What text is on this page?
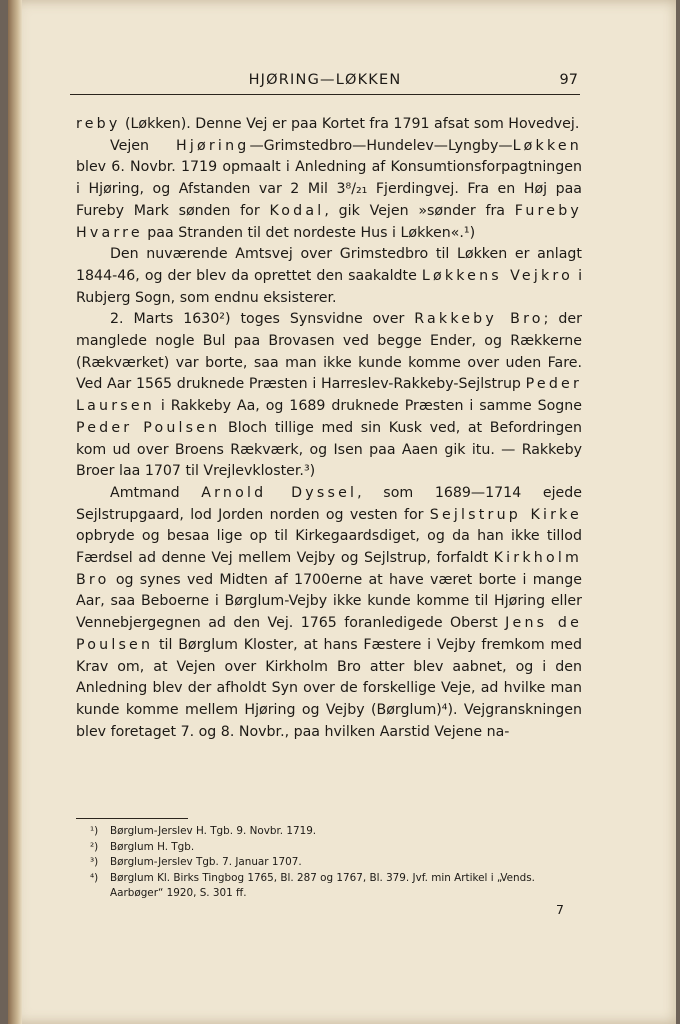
HJØRING—LØKKEN	97

reby (Løkken). Denne Vej er paa Kortet fra 1791 afsat som Hovedvej.

Vejen Hjøring—Grimstedbro—Hundelev—Lyngby—Løkken blev 6. Novbr. 1719 opmaalt i Anledning af Konsumtionsforpagtningen i Hjøring, og Afstanden var 2 Mil 3⁸/₂₁ Fjerdingvej. Fra en Høj paa Fureby Mark sønden for Kodal, gik Vejen »sønder fra Fureby Hvarre paa Stranden til det nordeste Hus i Løkken«.¹)

Den nuværende Amtsvej over Grimstedbro til Løkken er anlagt 1844-46, og der blev da oprettet den saakaldte Løkkens Vejkro i Rubjerg Sogn, som endnu eksisterer.

2. Marts 1630²) toges Synsvidne over Rakkeby Bro; der manglede nogle Bul paa Brovasen ved begge Ender, og Rækkerne (Rækværket) var borte, saa man ikke kunde komme over uden Fare. Ved Aar 1565 druknede Præsten i Harreslev-Rakkeby-Sejlstrup Peder Laursen i Rakkeby Aa, og 1689 druknede Præsten i samme Sogne Peder Poulsen Bloch tillige med sin Kusk ved, at Befordringen kom ud over Broens Rækværk, og Isen paa Aaen gik itu. — Rakkeby Broer laa 1707 til Vrejlevkloster.³)

Amtmand Arnold Dyssel, som 1689—1714 ejede Sejlstrupgaard, lod Jorden norden og vesten for Sejlstrup Kirke opbryde og besaa lige op til Kirkegaardsdiget, og da han ikke tillod Færdsel ad denne Vej mellem Vejby og Sejlstrup, forfaldt Kirkholm Bro og synes ved Midten af 1700erne at have været borte i mange Aar, saa Beboerne i Børglum-Vejby ikke kunde komme til Hjøring eller Vennebjergegnen ad den Vej. 1765 foranledigede Oberst Jens de Poulsen til Børglum Kloster, at hans Fæstere i Vejby fremkom med Krav om, at Vejen over Kirkholm Bro atter blev aabnet, og i den Anledning blev der afholdt Syn over de forskellige Veje, ad hvilke man kunde komme mellem Hjøring og Vejby (Børglum)⁴). Vejgranskningen blev foretaget 7. og 8. Novbr., paa hvilken Aarstid Vejene na-

¹) Børglum-Jerslev H. Tgb. 9. Novbr. 1719.
²) Børglum H. Tgb.
³) Børglum-Jerslev Tgb. 7. Januar 1707.
⁴) Børglum Kl. Birks Tingbog 1765, Bl. 287 og 1767, Bl. 379. Jvf. min Artikel i „Vends. Aarbøger“ 1920, S. 301 ff.
7
